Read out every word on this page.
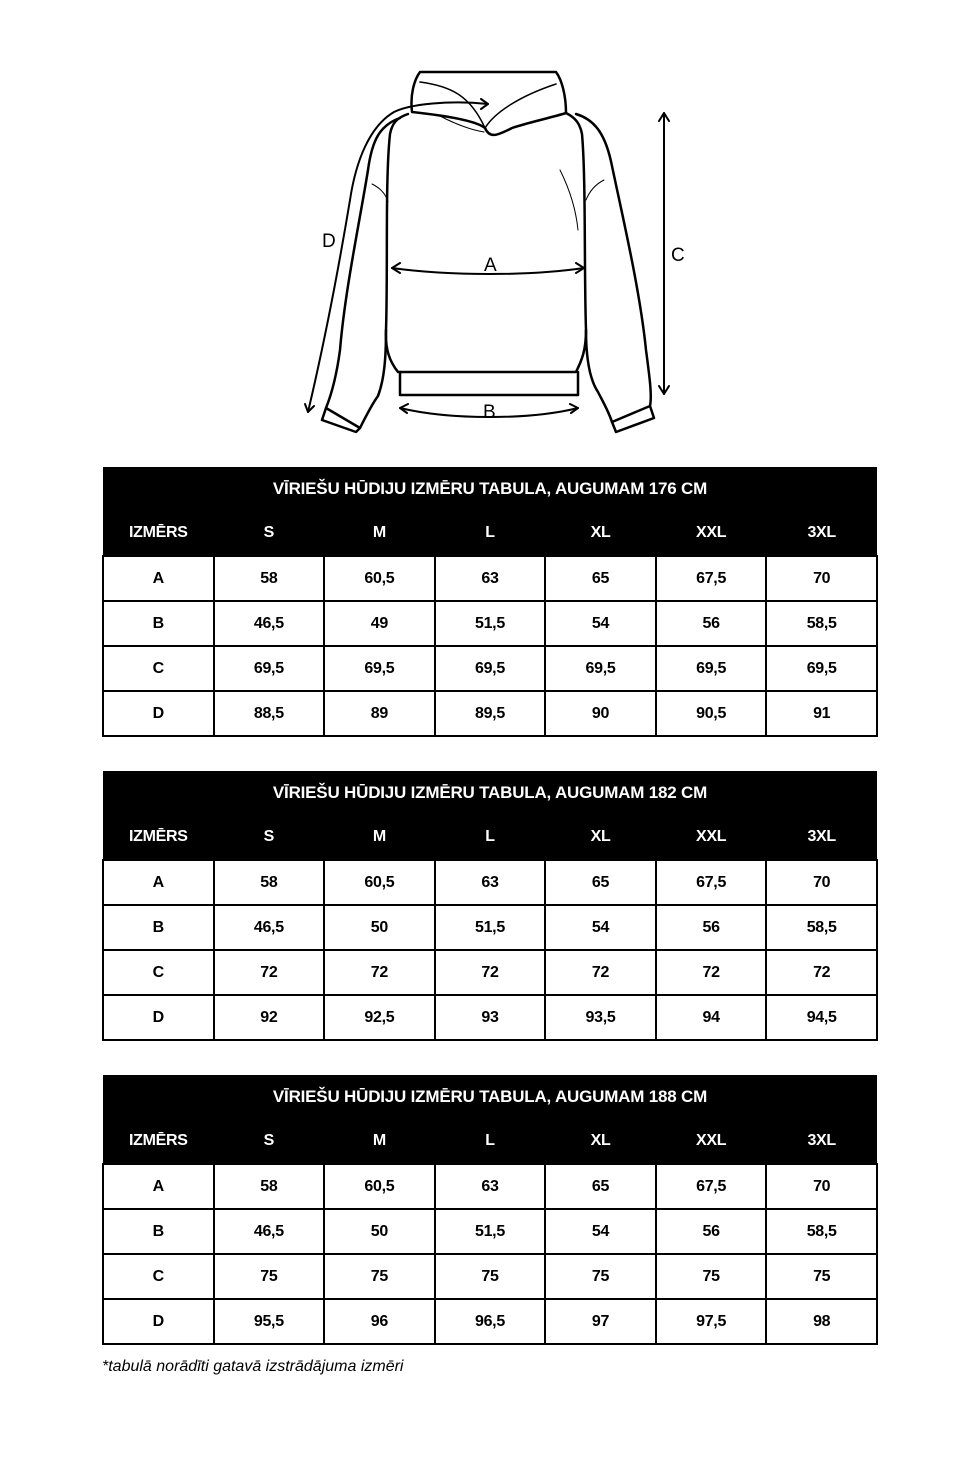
A
B
C
D
VĪRIEŠU HŪDIJU IZMĒRU TABULA, AUGUMAM 176 CM						
IZMĒRS	S	M	L	XL	XXL	3XL
A	58	60,5	63	65	67,5	70
B	46,5	49	51,5	54	56	58,5
C	69,5	69,5	69,5	69,5	69,5	69,5
D	88,5	89	89,5	90	90,5	91
VĪRIEŠU HŪDIJU IZMĒRU TABULA, AUGUMAM 182 CM						
IZMĒRS	S	M	L	XL	XXL	3XL
A	58	60,5	63	65	67,5	70
B	46,5	50	51,5	54	56	58,5
C	72	72	72	72	72	72
D	92	92,5	93	93,5	94	94,5
VĪRIEŠU HŪDIJU IZMĒRU TABULA, AUGUMAM 188 CM						
IZMĒRS	S	M	L	XL	XXL	3XL
A	58	60,5	63	65	67,5	70
B	46,5	50	51,5	54	56	58,5
C	75	75	75	75	75	75
D	95,5	96	96,5	97	97,5	98
*tabulā norādīti gatavā izstrādājuma izmēri
